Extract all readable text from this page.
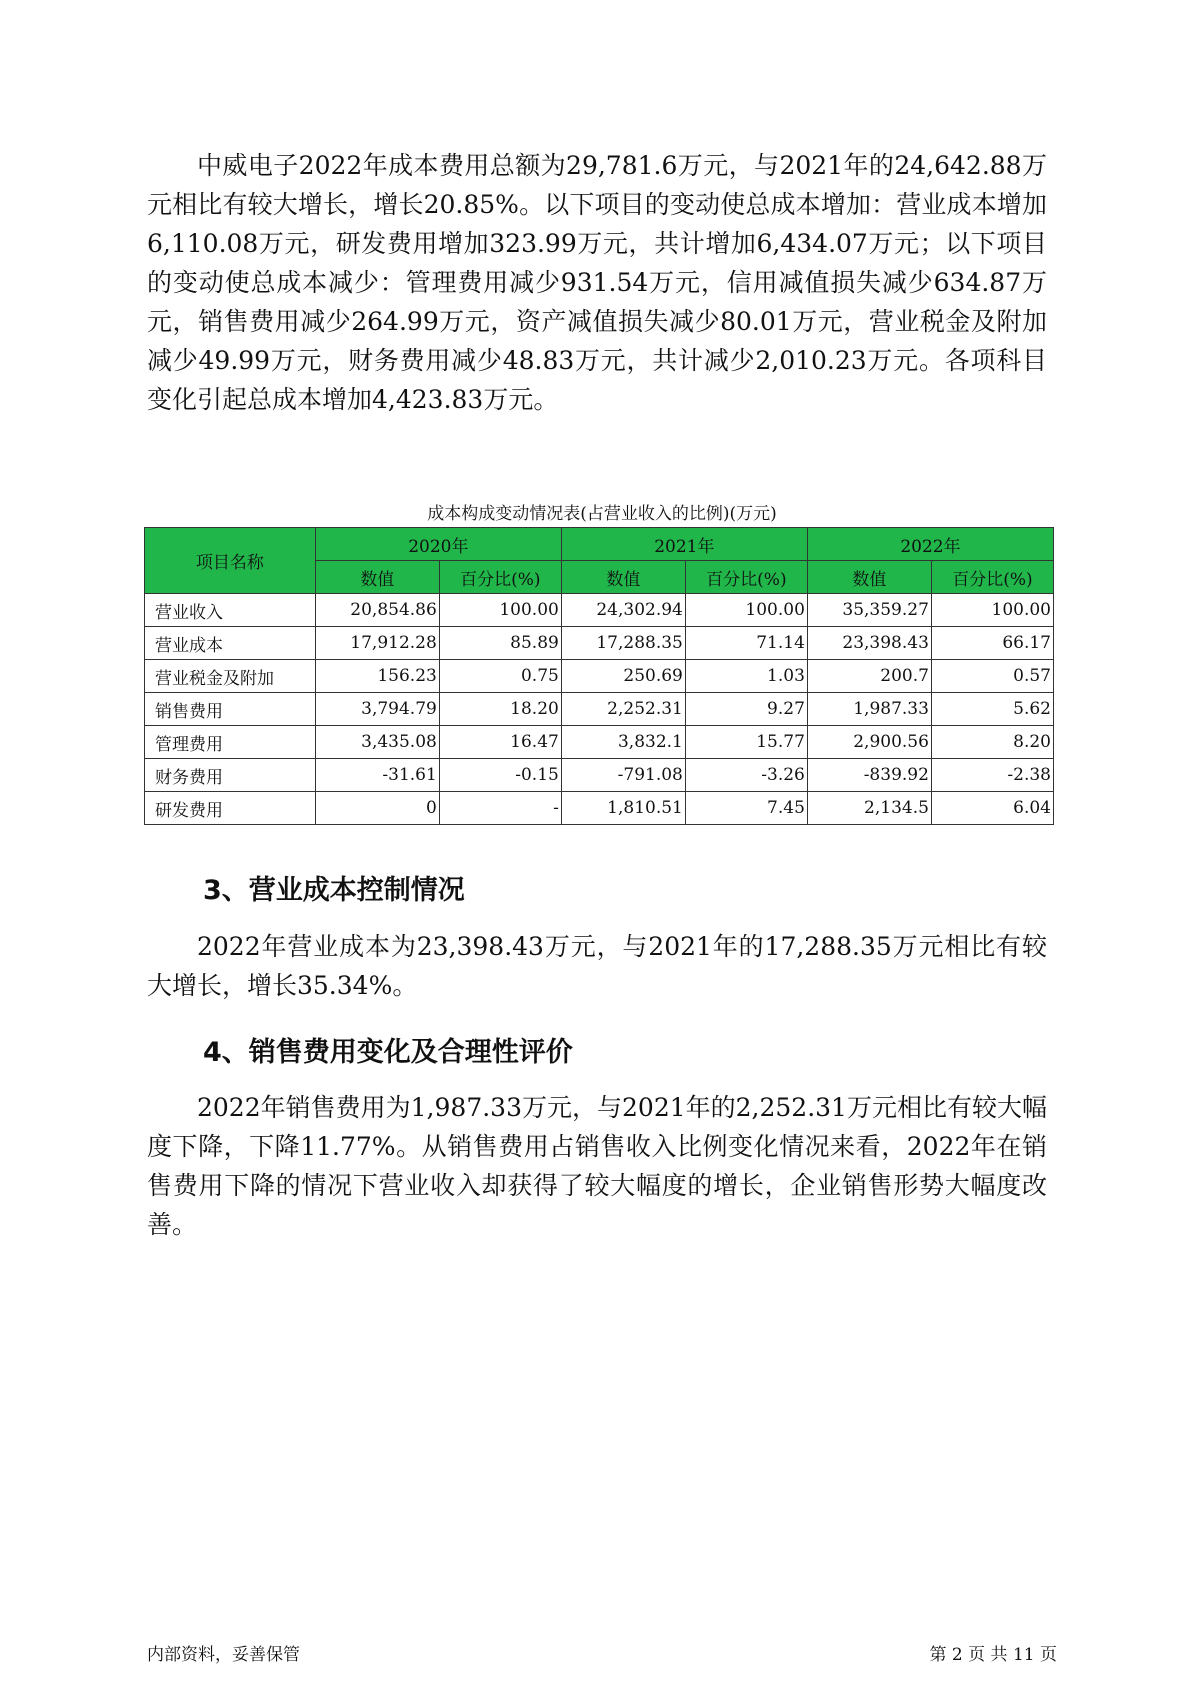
中威电子2022年成本费用总额为29,781.6万元，与2021年的24,642.88万元相比有较大增长，增长20.85%。以下项目的变动使总成本增加：营业成本增加6,110.08万元，研发费用增加323.99万元，共计增加6,434.07万元；以下项目的变动使总成本减少：管理费用减少931.54万元，信用减值损失减少634.87万元，销售费用减少264.99万元，资产减值损失减少80.01万元，营业税金及附加减少49.99万元，财务费用减少48.83万元，共计减少2,010.23万元。各项科目变化引起总成本增加4,423.83万元。

成本构成变动情况表(占营业收入的比例)(万元)
项目名称	2020年		2021年		2022年	
	数值	百分比(%)	数值	百分比(%)	数值	百分比(%)
营业收入	20,854.86	100.00	24,302.94	100.00	35,359.27	100.00
营业成本	17,912.28	85.89	17,288.35	71.14	23,398.43	66.17
营业税金及附加	156.23	0.75	250.69	1.03	200.7	0.57
销售费用	3,794.79	18.20	2,252.31	9.27	1,987.33	5.62
管理费用	3,435.08	16.47	3,832.1	15.77	2,900.56	8.20
财务费用	-31.61	-0.15	-791.08	-3.26	-839.92	-2.38
研发费用	0	-	1,810.51	7.45	2,134.5	6.04
3、营业成本控制情况

2022年营业成本为23,398.43万元，与2021年的17,288.35万元相比有较大增长，增长35.34%。

4、销售费用变化及合理性评价

2022年销售费用为1,987.33万元，与2021年的2,252.31万元相比有较大幅度下降，下降11.77%。从销售费用占销售收入比例变化情况来看，2022年在销售费用下降的情况下营业收入却获得了较大幅度的增长，企业销售形势大幅度改善。

内部资料，妥善保管	第 2 页 共 11 页
